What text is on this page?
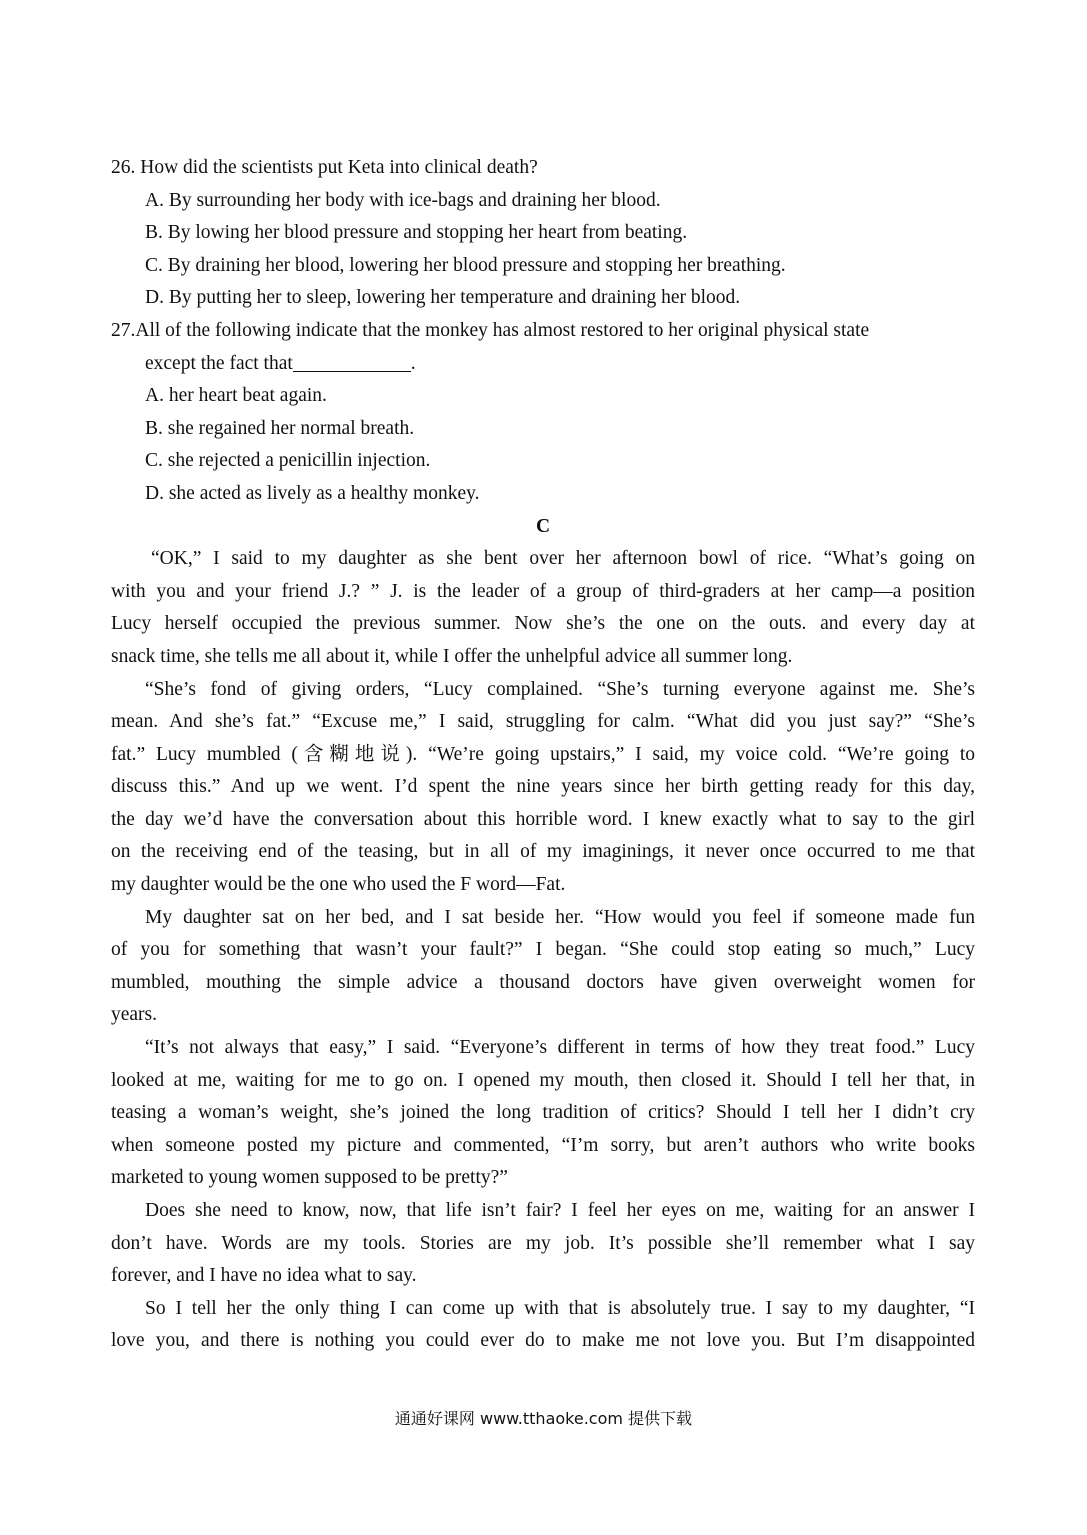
26. How did the scientists put Keta into clinical death?
A. By surrounding her body with ice-bags and draining her blood.
B. By lowing her blood pressure and stopping her heart from beating.
C. By draining her blood, lowering her blood pressure and stopping her breathing.
D. By putting her to sleep, lowering her temperature and draining her blood.
27.All of the following indicate that the monkey has almost restored to her original physical state
except the fact that	.
A. her heart beat again.
B. she regained her normal breath.
C. she rejected a penicillin injection.
D. she acted as lively as a healthy monkey.
C
“OK,” I said to my daughter as she bent over her afternoon bowl of rice. “What’s going on
with you and your friend J.? ” J. is the leader of a group of third-graders at her camp—a position
Lucy herself occupied the previous summer. Now she’s the one on the outs. and every day at
snack time, she tells me all about it, while I offer the unhelpful advice all summer long.
“She’s fond of giving orders, “Lucy complained. “She’s turning everyone against me. She’s
mean. And she’s fat.” “Excuse me,” I said, struggling for calm. “What did you just say?” “She’s
fat.” Lucy mumbled (含糊地说). “We’re going upstairs,” I said, my voice cold. “We’re going to
discuss this.” And up we went. I’d spent the nine years since her birth getting ready for this day,
the day we’d have the conversation about this horrible word. I knew exactly what to say to the girl
on the receiving end of the teasing, but in all of my imaginings, it never once occurred to me that
my daughter would be the one who used the F word—Fat.
My daughter sat on her bed, and I sat beside her. “How would you feel if someone made fun
of you for something that wasn’t your fault?” I began. “She could stop eating so much,” Lucy
mumbled, mouthing the simple advice a thousand doctors have given overweight women for
years.
“It’s not always that easy,” I said. “Everyone’s different in terms of how they treat food.” Lucy
looked at me, waiting for me to go on. I opened my mouth, then closed it. Should I tell her that, in
teasing a woman’s weight, she’s joined the long tradition of critics? Should I tell her I didn’t cry
when someone posted my picture and commented, “I’m sorry, but aren’t authors who write books
marketed to young women supposed to be pretty?”
Does she need to know, now, that life isn’t fair? I feel her eyes on me, waiting for an answer I
don’t have. Words are my tools. Stories are my job. It’s possible she’ll remember what I say
forever, and I have no idea what to say.
So I tell her the only thing I can come up with that is absolutely true. I say to my daughter, “I
love you, and there is nothing you could ever do to make me not love you. But I’m disappointed
通通好课网 www.tthaoke.com 提供下载
